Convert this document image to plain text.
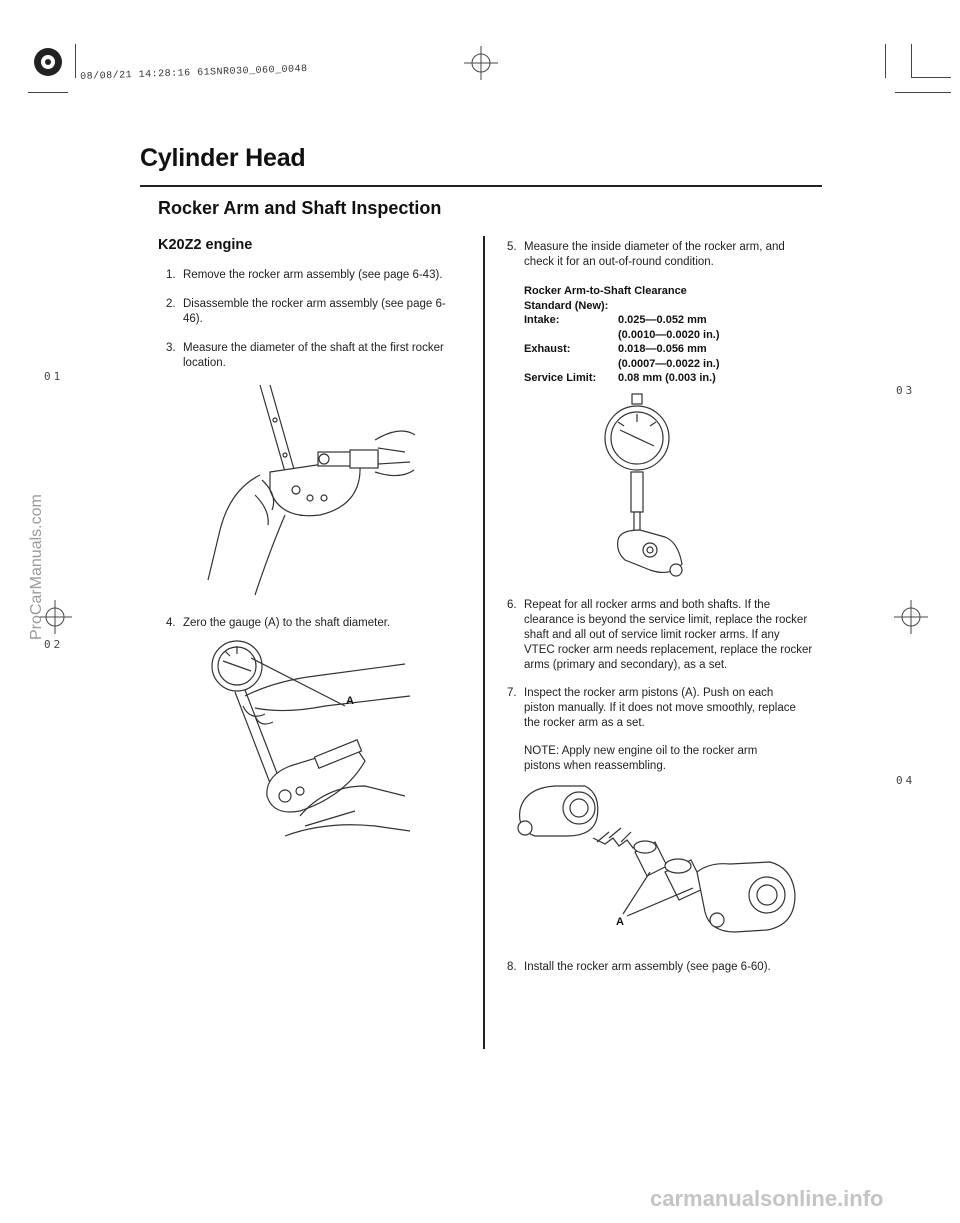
08/08/21 14:28:16 61SNR030_060_0048
01
02
03
04
ProCarManuals.com
Cylinder Head
Rocker Arm and Shaft Inspection
K20Z2 engine
1. Remove the rocker arm assembly (see page 6-43).
2. Disassemble the rocker arm assembly (see page 6-46).
3. Measure the diameter of the shaft at the first rocker location.
4. Zero the gauge (A) to the shaft diameter.
A
5. Measure the inside diameter of the rocker arm, and check it for an out-of-round condition.
Rocker Arm-to-Shaft Clearance
Standard (New):
Intake:	0.025—0.052 mm
(0.0010—0.0020 in.)
Exhaust:	0.018—0.056 mm
(0.0007—0.0022 in.)
Service Limit: 0.08 mm (0.003 in.)
6. Repeat for all rocker arms and both shafts. If the clearance is beyond the service limit, replace the rocker shaft and all out of service limit rocker arms. If any VTEC rocker arm needs replacement, replace the rocker arms (primary and secondary), as a set.
7. Inspect the rocker arm pistons (A). Push on each piston manually. If it does not move smoothly, replace the rocker arm as a set.
NOTE: Apply new engine oil to the rocker arm pistons when reassembling.
A
8. Install the rocker arm assembly (see page 6-60).
carmanualsonline.info
